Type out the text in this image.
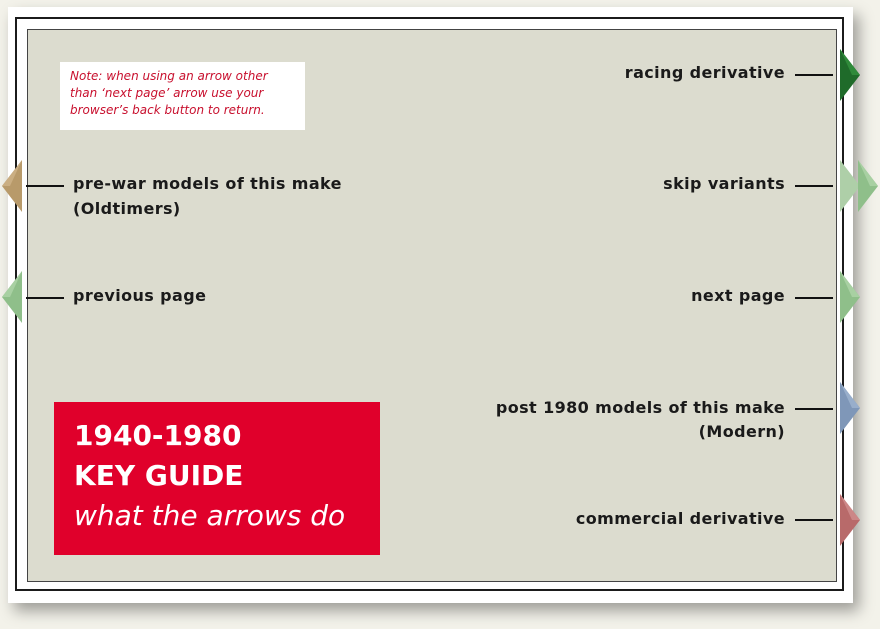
Note: when using an arrow other
than ‘next page’ arrow use your
browser’s back button to return.
racing derivative
skip variants
next page
post 1980 models of this make
(Modern)
commercial derivative
pre-war models of this make
(Oldtimers)
previous page
1940-1980
KEY GUIDE
what the arrows do
